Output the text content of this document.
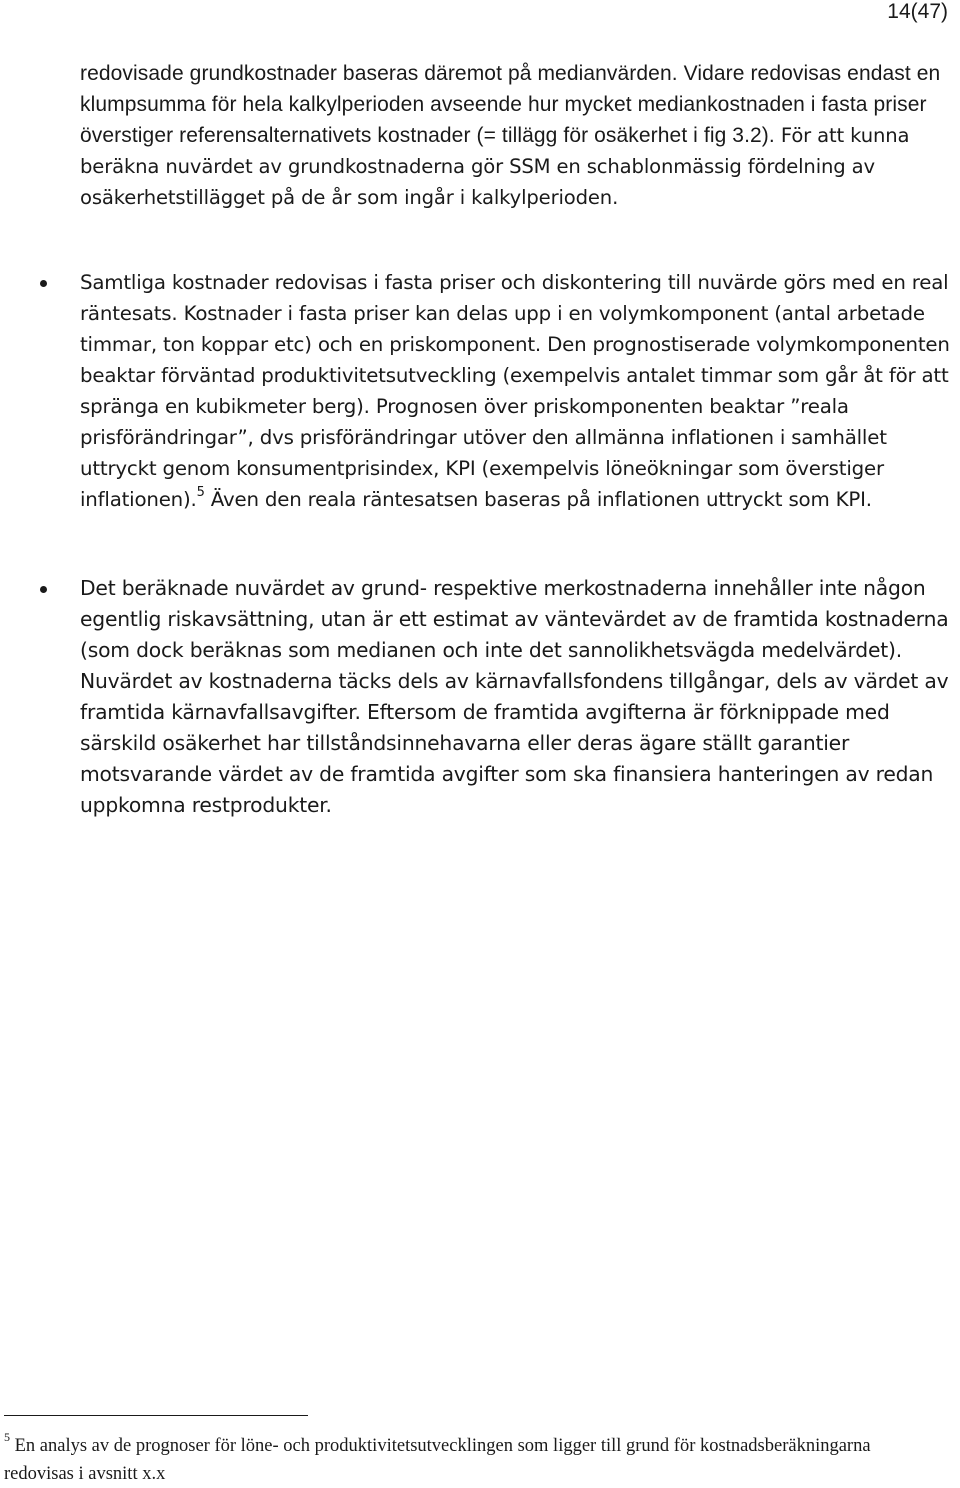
14(47)
redovisade grundkostnader baseras däremot på medianvärden. Vidare redovisas endast en klumpsumma för hela kalkylperioden avseende hur mycket mediankostnaden i fasta priser överstiger referensalternativets kostnader (= tillägg för osäkerhet i fig 3.2). För att kunna beräkna nuvärdet av grundkostnaderna gör SSM en schablonmässig fördelning av osäkerhetstillägget på de år som ingår i kalkylperioden.
Samtliga kostnader redovisas i fasta priser och diskontering till nuvärde görs med en real räntesats. Kostnader i fasta priser kan delas upp i en volymkomponent (antal arbetade timmar, ton koppar etc) och en priskomponent. Den prognostiserade volymkomponenten beaktar förväntad produktivitetsutveckling (exempelvis antalet timmar som går åt för att spränga en kubikmeter berg). Prognosen över priskomponenten beaktar ”reala prisförändringar”, dvs prisförändringar utöver den allmänna inflationen i samhället uttryckt genom konsumentprisindex, KPI (exempelvis löneökningar som överstiger inflationen).$^5$ Även den reala räntesatsen baseras på inflationen uttryckt som KPI.
Det beräknade nuvärdet av grund- respektive merkostnaderna innehåller inte någon egentlig riskavsättning, utan är ett estimat av väntevärdet av de framtida kostnaderna (som dock beräknas som medianen och inte det sannolikhetsvägda medelvärdet). Nuvärdet av kostnaderna täcks dels av kärnavfallsfondens tillgångar, dels av värdet av framtida kärnavfallsavgifter. Eftersom de framtida avgifterna är förknippade med särskild osäkerhet har tillståndsinnehavarna eller deras ägare ställt garantier motsvarande värdet av de framtida avgifter som ska finansiera hanteringen av redan uppkomna restprodukter.
$^5$ En analys av de prognoser för löne- och produktivitetsutvecklingen som ligger till grund för kostnadsberäkningarna redovisas i avsnitt x.x
